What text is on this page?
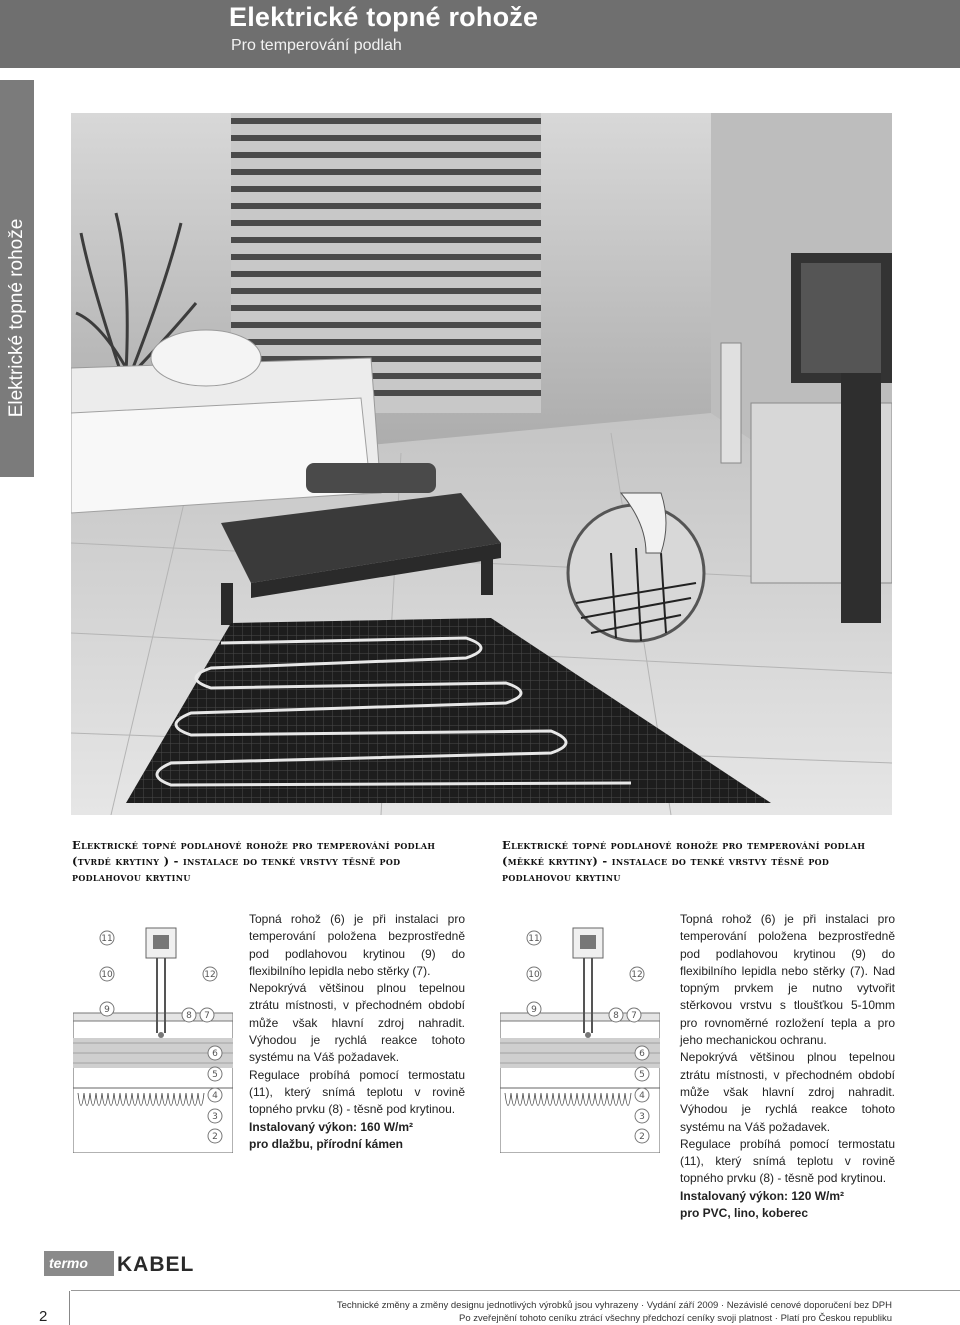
Elektrické topné rohože
Pro temperování podlah
Elektrické topné rohože
Elektrické topné podlahové rohože pro temperování podlah (tvrdé krytiny ) - instalace do tenké vrstvy těsně pod podlahovou krytinu
Elektrické topné podlahové rohože pro temperování podlah (měkké krytiny) - instalace do tenké vrstvy těsně pod podlahovou krytinu
11
10
9
12
8 7
6
5
4
3
2
11
10
9
12
8 7
6
5
4
3
2

Topná rohož (6) je při instalaci pro temperování položena bezprostředně pod podlahovou krytinou (9) do flexibilního lepidla nebo stěrky (7).

Nepokrývá většinou plnou tepelnou ztrátu místnosti, v přechodném období může však hlavní zdroj nahradit. Výhodou je rychlá reakce tohoto systému na Váš požadavek.

Regulace probíhá pomocí termostatu (11), který snímá teplotu v rovině topného prvku (8) - těsně pod krytinou.

Instalovaný výkon: 160 W/m²

pro dlažbu, přírodní kámen

Topná rohož (6) je při instalaci pro temperování položena bezprostředně pod podlahovou krytinou (9) do flexibilního lepidla nebo stěrky (7). Nad topným prvkem je nutno vytvořit stěrkovou vrstvu s tloušťkou 5-10mm pro rovnoměrné rozložení tepla a pro jeho mechanickou ochranu.

Nepokrývá většinou plnou tepelnou ztrátu místnosti, v přechodném období může však hlavní zdroj nahradit. Výhodou je rychlá reakce tohoto systému na Váš požadavek.

Regulace probíhá pomocí termostatu (11), který snímá teplotu v rovině topného prvku (8) - těsně pod krytinou.

Instalovaný výkon: 120 W/m²

pro PVC, lino, koberec

termo	KABEL
2
Technické změny a změny designu jednotlivých výrobků jsou vyhrazeny · Vydání září 2009 · Nezávislé cenové doporučení bez DPH
Po zveřejnění tohoto ceníku ztrácí všechny předchozí ceníky svoji platnost · Platí pro Českou republiku
